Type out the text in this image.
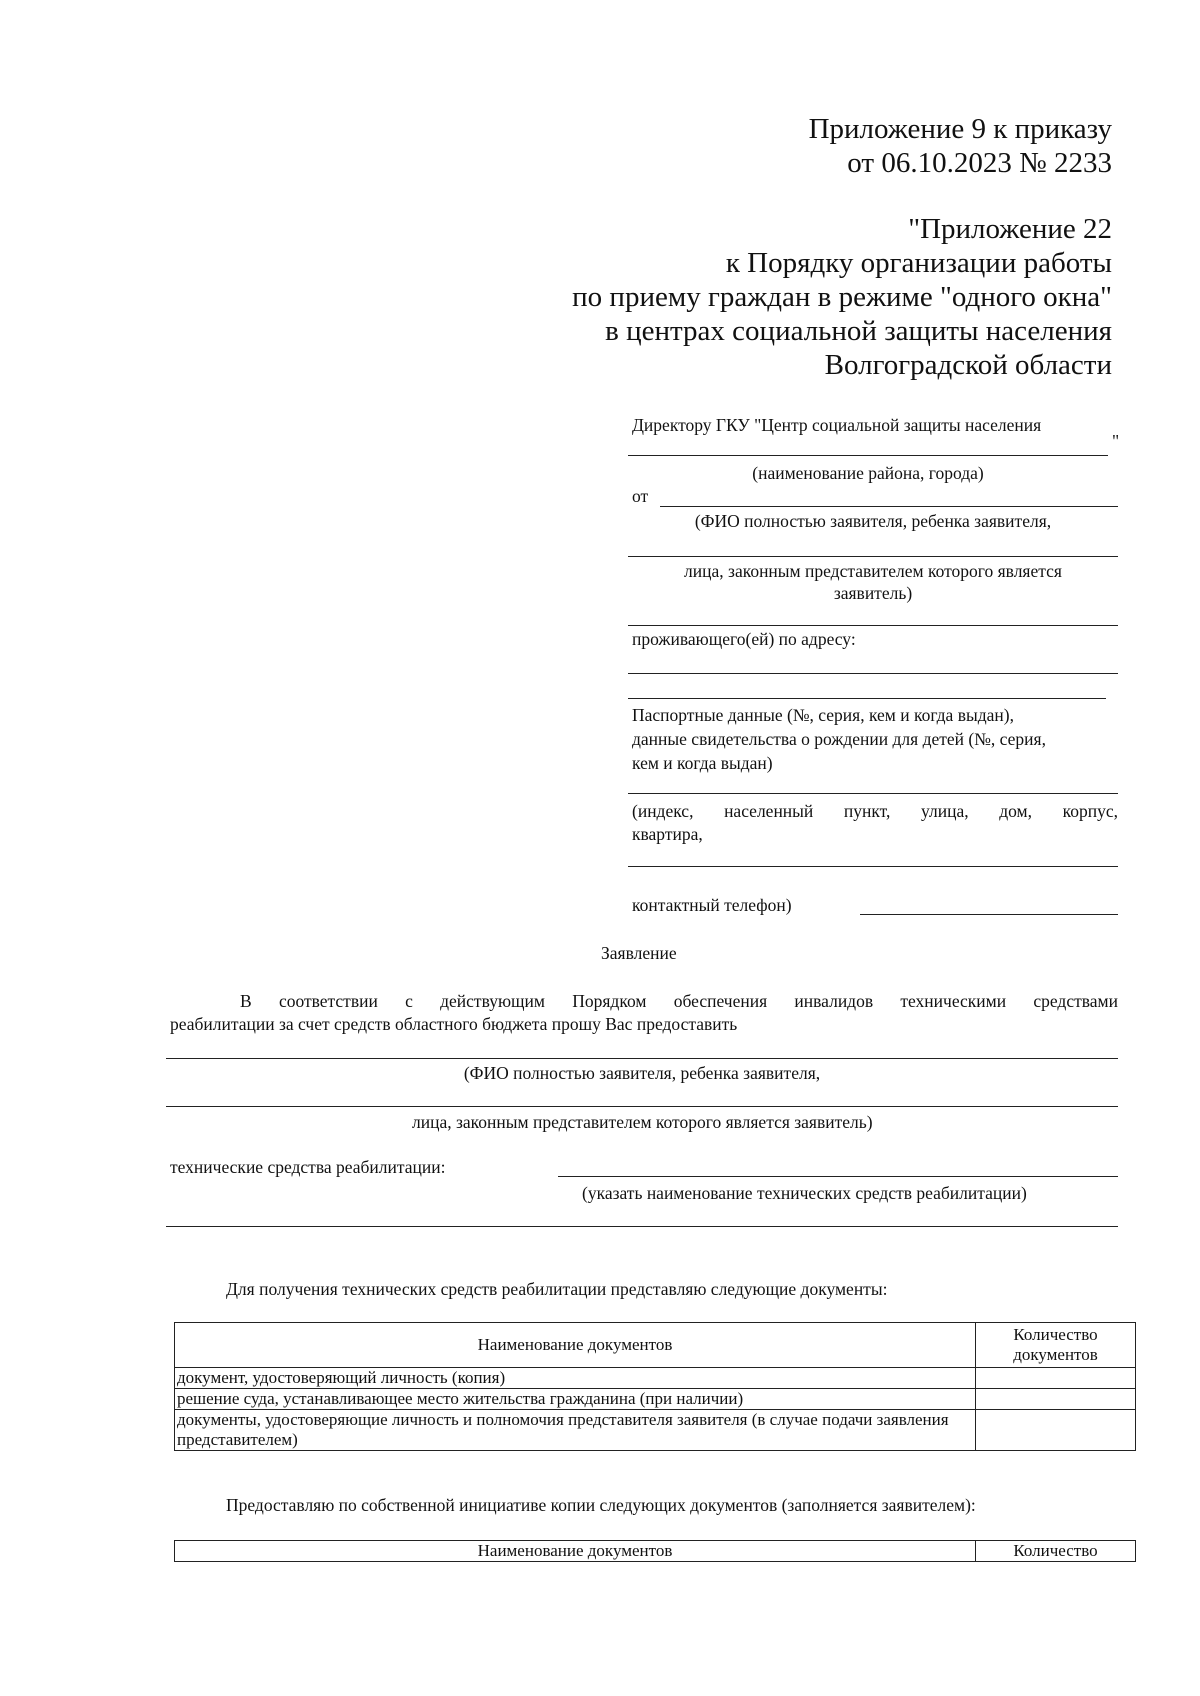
Приложение 9 к приказу
от 06.10.2023 № 2233
"Приложение 22
к Порядку организации работы
по приему граждан в режиме "одного окна"
в центрах социальной защиты населения
Волгоградской области
Директору ГКУ "Центр социальной защиты населения
"
(наименование района, города)
от
(ФИО полностью заявителя, ребенка заявителя,
лица, законным представителем которого является
заявитель)
проживающего(ей) по адресу:
Паспортные данные (№, серия, кем и когда выдан),
данные свидетельства о рождении для детей (№, серия,
кем и когда выдан)
(индекс, населенный пункт, улица, дом, корпус,
квартира,
контактный телефон)
Заявление
В соответствии с действующим Порядком обеспечения инвалидов техническими средствами
реабилитации за счет средств областного бюджета прошу Вас предоставить
(ФИО полностью заявителя, ребенка заявителя,
лица, законным представителем которого является заявитель)
технические средства реабилитации:
(указать наименование технических средств реабилитации)
Для получения технических средств реабилитации представляю следующие документы:
Наименование документов	Количество
документов

документ, удостоверяющий личность (копия)	
решение суда, устанавливающее место жительства гражданина (при наличии)	
документы, удостоверяющие личность и полномочия представителя заявителя (в случае подачи заявления представителем)	
Предоставляю по собственной инициативе копии следующих документов (заполняется заявителем):
Наименование документов	Количество
